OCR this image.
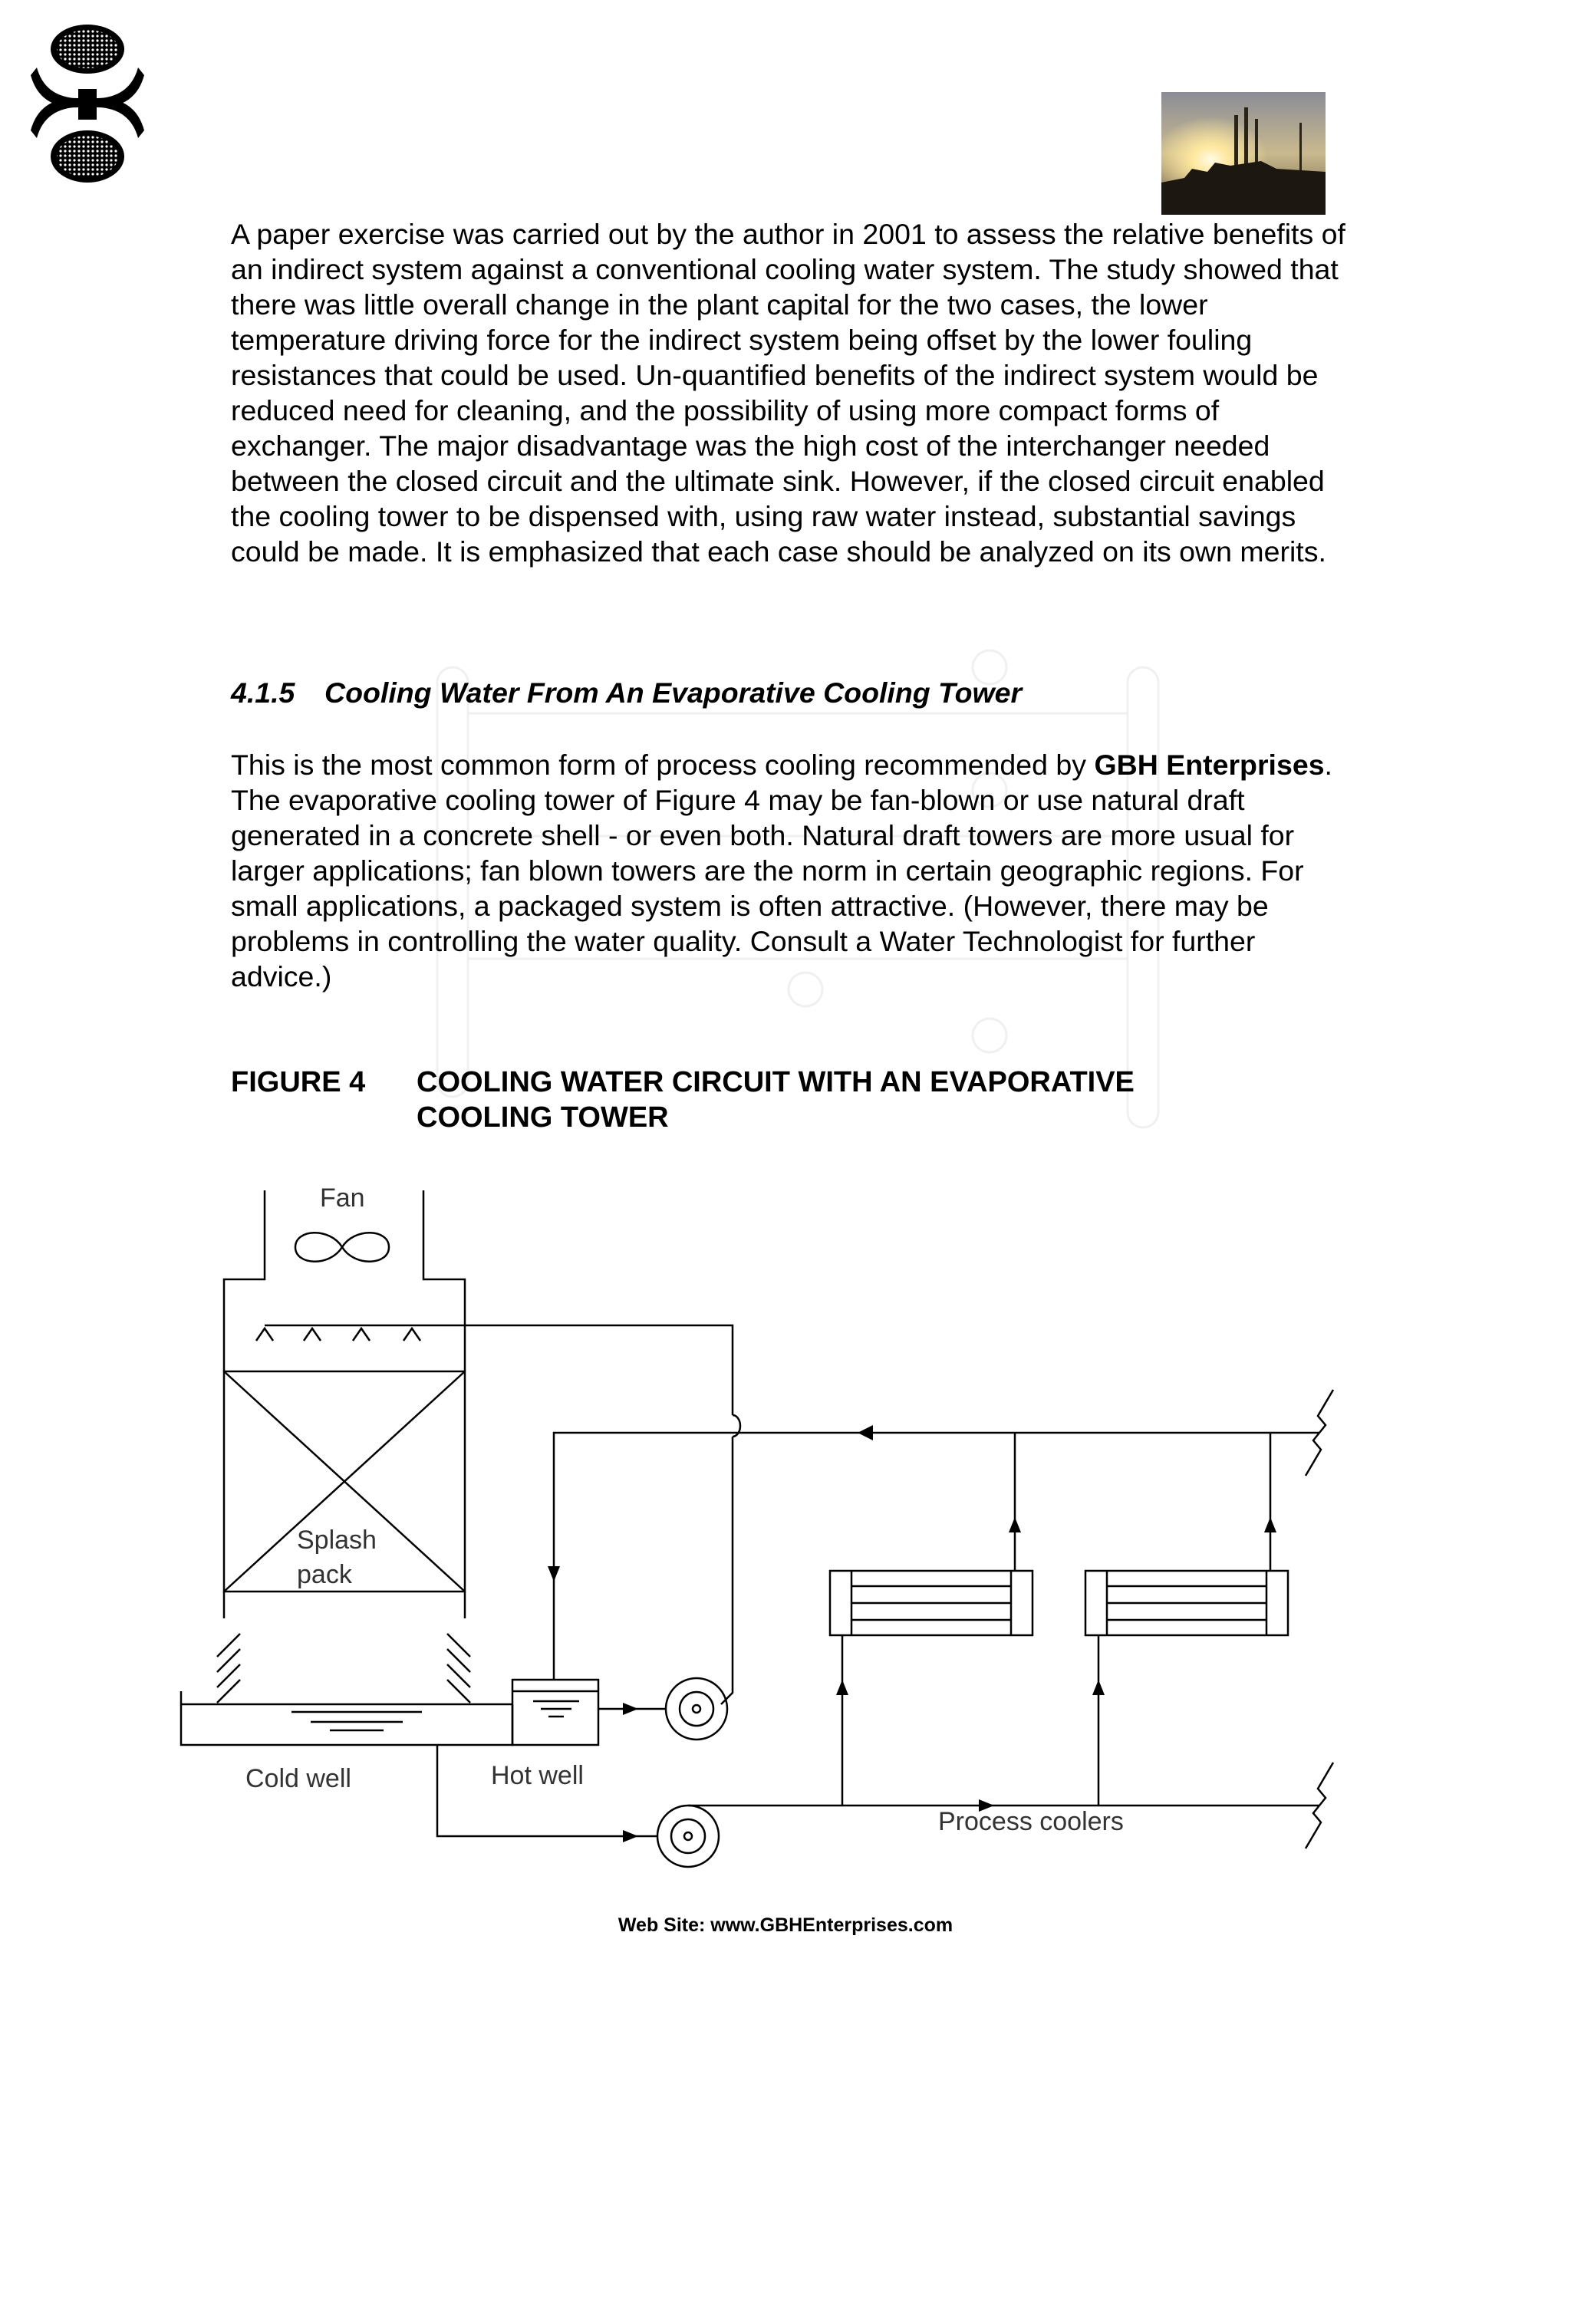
A paper exercise was carried out by the author in 2001 to assess the relative benefits of an indirect system against a conventional cooling water system. The study showed that there was little overall change in the plant capital for the two cases, the lower temperature driving force for the indirect system being offset by the lower fouling resistances that could be used. Un-quantified benefits of the indirect system would be reduced need for cleaning, and the possibility of using more compact forms of exchanger. The major disadvantage was the high cost of the interchanger needed between the closed circuit and the ultimate sink. However, if the closed circuit enabled the cooling tower to be dispensed with, using raw water instead, substantial savings could be made. It is emphasized that each case should be analyzed on its own merits.

4.1.5 Cooling Water From An Evaporative Cooling Tower

This is the most common form of process cooling recommended by GBH Enterprises. The evaporative cooling tower of Figure 4 may be fan-blown or use natural draft generated in a concrete shell - or even both. Natural draft towers are more usual for larger applications; fan blown towers are the norm in certain geographic regions. For small applications, a packaged system is often attractive. (However, there may be problems in controlling the water quality. Consult a Water Technologist for further advice.)

FIGURE 4	COOLING WATER CIRCUIT WITH AN EVAPORATIVE COOLING TOWER
Fan
Splash
pack
Cold well	Hot well
Process coolers
Web Site: www.GBHEnterprises.com
